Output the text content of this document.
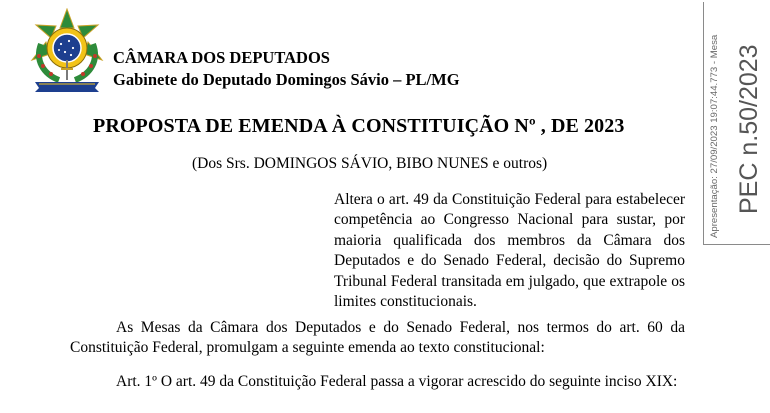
CÂMARA DOS DEPUTADOS
Gabinete do Deputado Domingos Sávio – PL/MG
PROPOSTA DE EMENDA À CONSTITUIÇÃO Nº , DE 2023
(Dos Srs. DOMINGOS SÁVIO, BIBO NUNES e outros)
Altera o art. 49 da Constituição Federal para estabelecer competência ao Congresso Nacional para sustar, por maioria qualificada dos membros da Câmara dos Deputados e do Senado Federal, decisão do Supremo Tribunal Federal transitada em julgado, que extrapole os limites constitucionais.
As Mesas da Câmara dos Deputados e do Senado Federal, nos termos do art. 60 da Constituição Federal, promulgam a seguinte emenda ao texto constitucional:
Art. 1º O art. 49 da Constituição Federal passa a vigorar acrescido do seguinte inciso XIX:
Apresentação: 27/09/2023 19:07:44.773 - Mesa PEC n.50/2023
